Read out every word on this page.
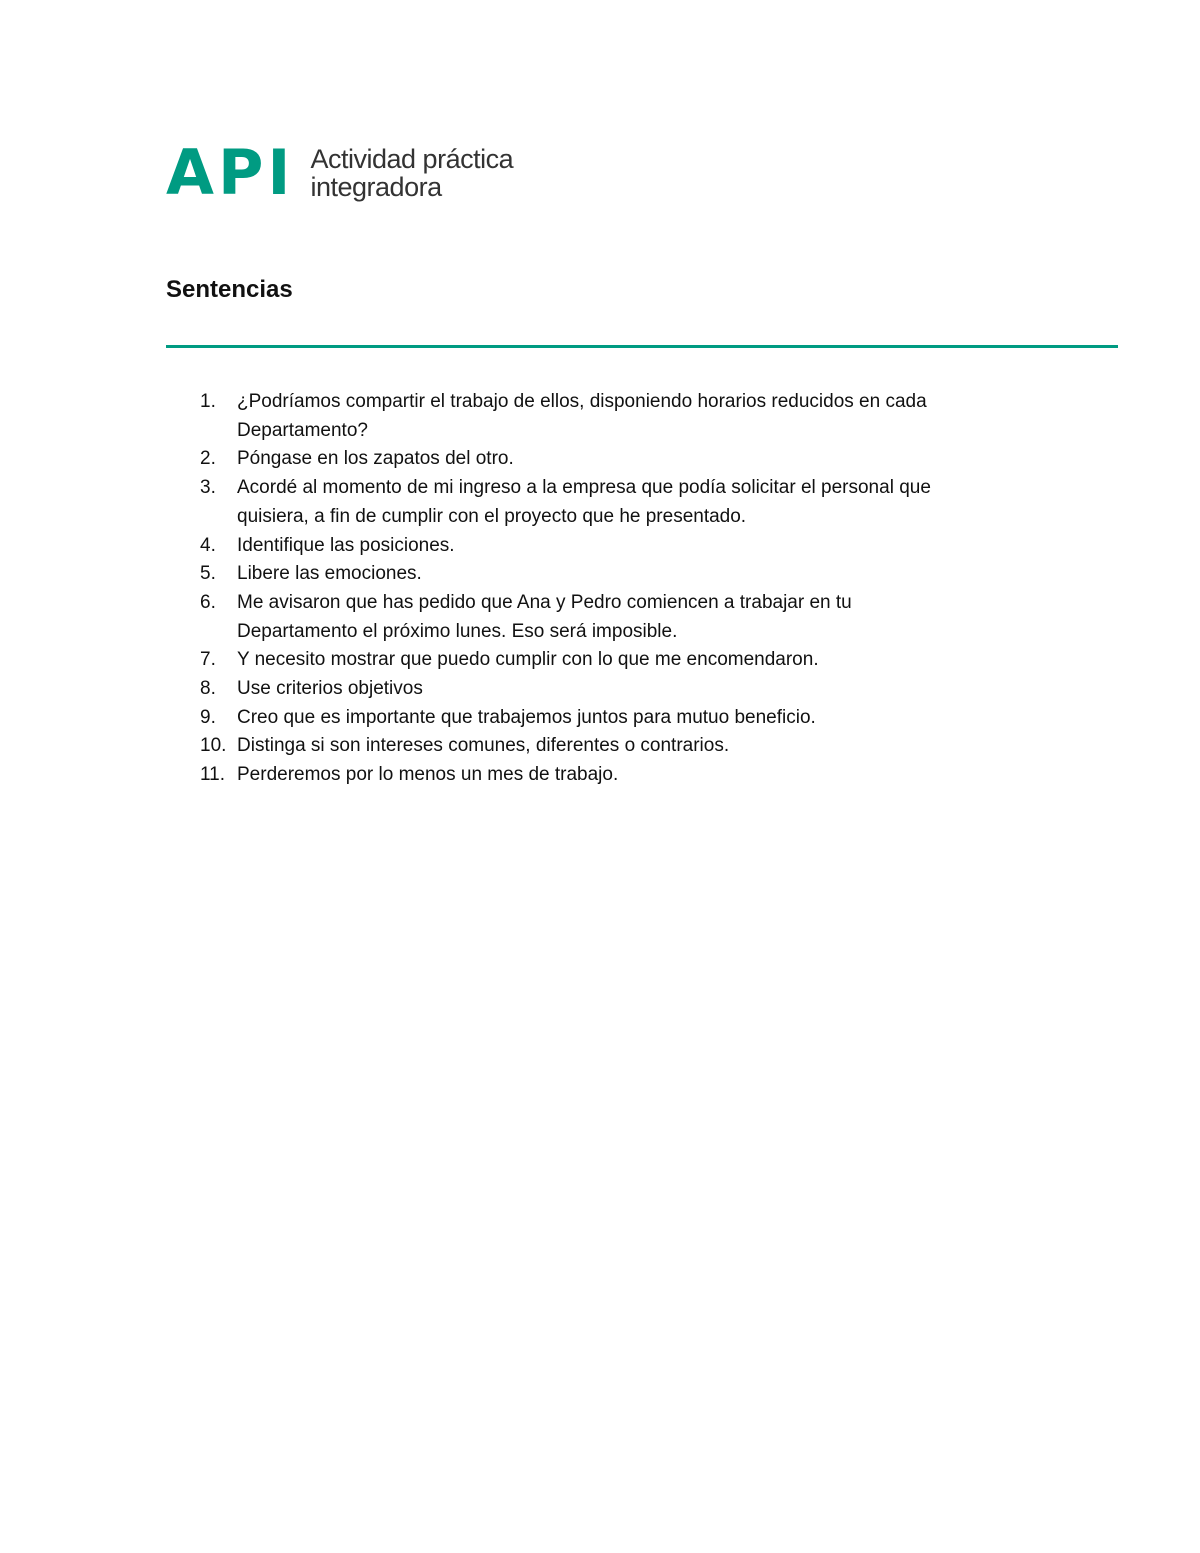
API Actividad práctica
integradora
Sentencias
1.	¿Podríamos compartir el trabajo de ellos, disponiendo horarios reducidos en cada
Departamento?
2.	Póngase en los zapatos del otro.
3.	Acordé al momento de mi ingreso a la empresa que podía solicitar el personal que
quisiera, a fin de cumplir con el proyecto que he presentado.
4.	Identifique las posiciones.
5.	Libere las emociones.
6.	Me avisaron que has pedido que Ana y Pedro comiencen a trabajar en tu
Departamento el próximo lunes. Eso será imposible.
7.	Y necesito mostrar que puedo cumplir con lo que me encomendaron.
8.	Use criterios objetivos
9.	Creo que es importante que trabajemos juntos para mutuo beneficio.
10. Distinga si son intereses comunes, diferentes o contrarios.
11. Perderemos por lo menos un mes de trabajo.
